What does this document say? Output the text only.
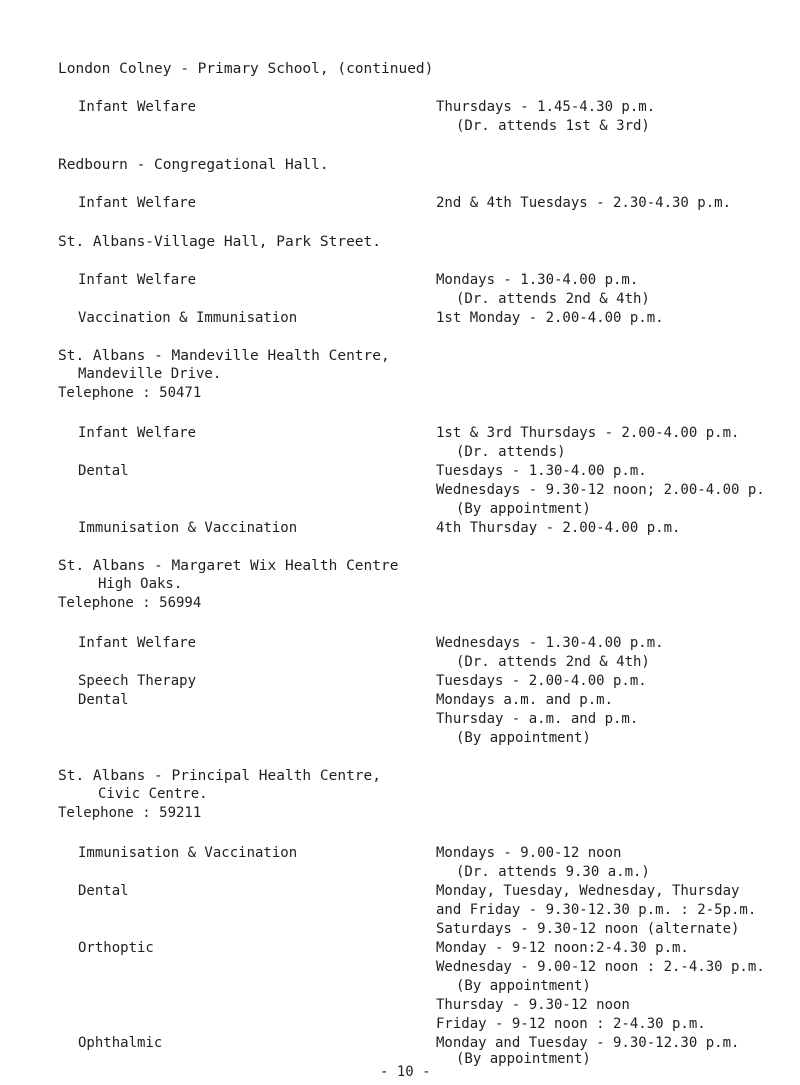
London Colney - Primary School, (continued)
Infant Welfare	Thursdays - 1.45-4.30 p.m.
(Dr. attends 1st & 3rd)
Redbourn - Congregational Hall.
Infant Welfare	2nd & 4th Tuesdays - 2.30-4.30 p.m.
St. Albans-Village Hall, Park Street.
Infant Welfare	Mondays - 1.30-4.00 p.m.
(Dr. attends 2nd & 4th)
Vaccination & Immunisation	1st Monday - 2.00-4.00 p.m.
St. Albans - Mandeville Health Centre,
Mandeville Drive.
Telephone : 50471
Infant Welfare	1st & 3rd Thursdays - 2.00-4.00 p.m.
(Dr. attends)
Dental	Tuesdays - 1.30-4.00 p.m.
Wednesdays - 9.30-12 noon; 2.00-4.00 p.
(By appointment)
Immunisation & Vaccination	4th Thursday - 2.00-4.00 p.m.
St. Albans - Margaret Wix Health Centre
High Oaks.
Telephone : 56994
Infant Welfare	Wednesdays - 1.30-4.00 p.m.
(Dr. attends 2nd & 4th)
Speech Therapy	Tuesdays - 2.00-4.00 p.m.
Dental	Mondays a.m. and p.m.
Thursday - a.m. and p.m.
(By appointment)
St. Albans - Principal Health Centre,
Civic Centre.
Telephone : 59211
Immunisation & Vaccination	Mondays - 9.00-12 noon
(Dr. attends 9.30 a.m.)
Dental	Monday, Tuesday, Wednesday, Thursday
and Friday - 9.30-12.30 p.m. : 2-5p.m.
Saturdays - 9.30-12 noon (alternate)
Orthoptic	Monday - 9-12 noon:2-4.30 p.m.
Wednesday - 9.00-12 noon : 2.-4.30 p.m.
(By appointment)
Thursday - 9.30-12 noon
Friday - 9-12 noon : 2-4.30 p.m.
Ophthalmic	Monday and Tuesday - 9.30-12.30 p.m.
(By appointment)
- 10 -
